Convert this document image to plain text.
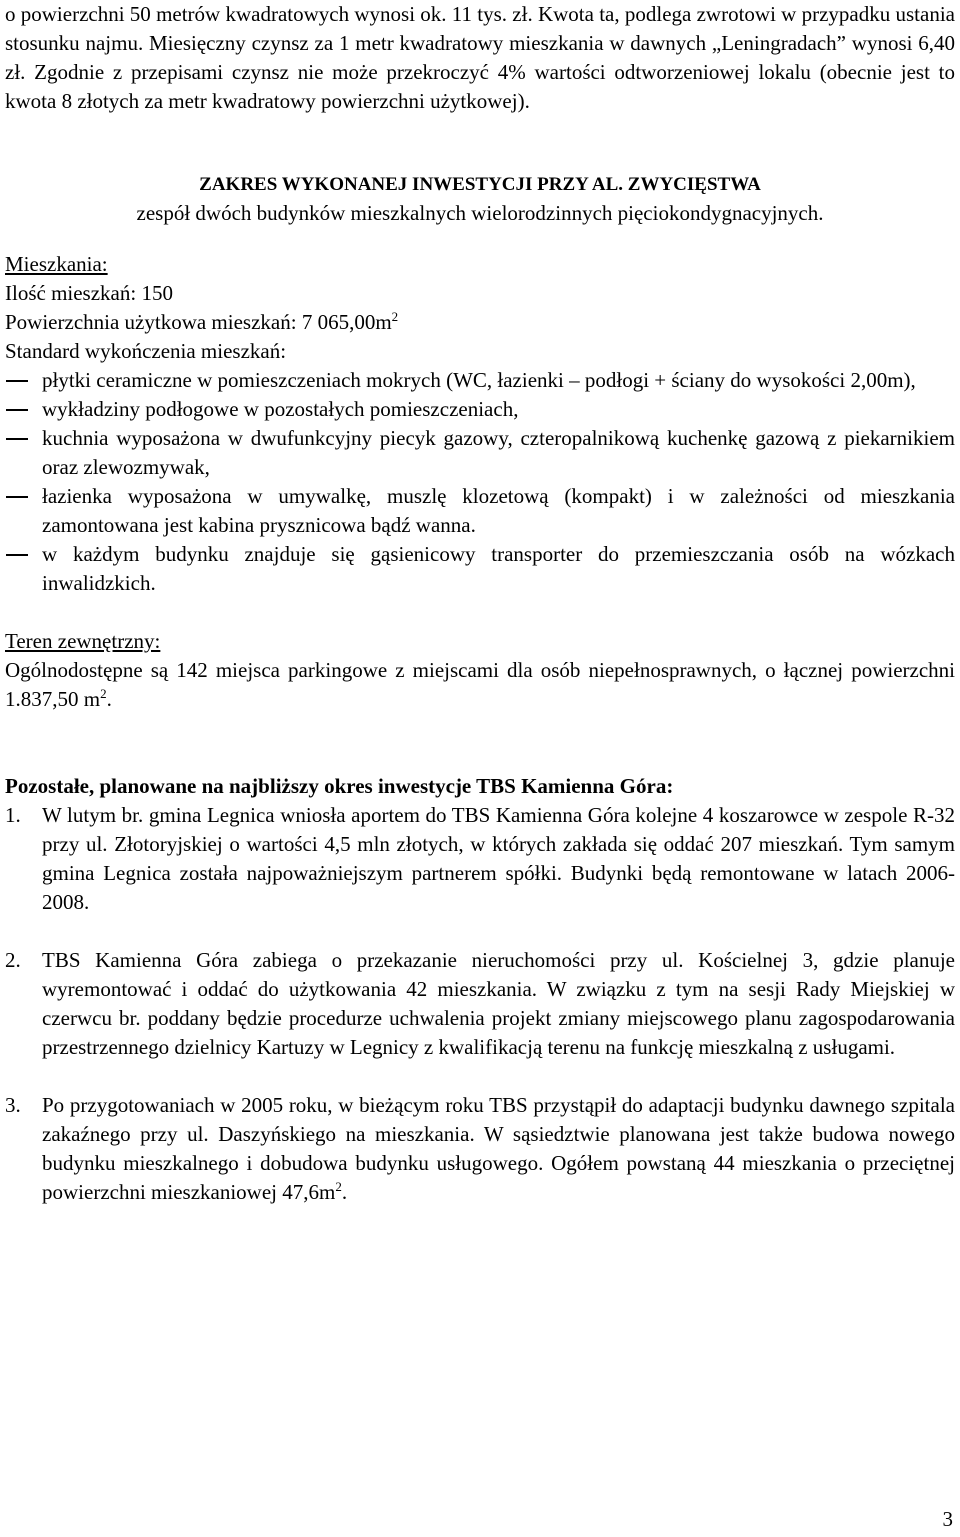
o powierzchni 50 metrów kwadratowych wynosi ok. 11 tys. zł. Kwota ta, podlega zwrotowi w przypadku ustania stosunku najmu. Miesięczny czynsz za 1 metr kwadratowy mieszkania w dawnych „Leningradach” wynosi 6,40 zł. Zgodnie z przepisami czynsz nie może przekroczyć 4% wartości odtworzeniowej lokalu (obecnie jest to kwota 8 złotych za metr kwadratowy powierzchni użytkowej).

ZAKRES WYKONANEJ INWESTYCJI PRZY AL. ZWYCIĘSTWA

zespół dwóch budynków mieszkalnych wielorodzinnych pięciokondygnacyjnych.

Mieszkania:

Ilość mieszkań: 150

Powierzchnia użytkowa mieszkań: 7 $065,00m^2$

Standard wykończenia mieszkań:

płytki ceramiczne w pomieszczeniach mokrych (WC, łazienki – podłogi + ściany do wysokości 2,00m),
wykładziny podłogowe w pozostałych pomieszczeniach,
kuchnia wyposażona w dwufunkcyjny piecyk gazowy, czteropalnikową kuchenkę gazową z piekarnikiem oraz zlewozmywak,
łazienka wyposażona w umywalkę, muszlę klozetową (kompakt) i w zależności od mieszkania zamontowana jest kabina prysznicowa bądź wanna.
w każdym budynku znajduje się gąsienicowy transporter do przemieszczania osób na wózkach inwalidzkich.

Teren zewnętrzny:

Ogólnodostępne są 142 miejsca parkingowe z miejscami dla osób niepełnosprawnych, o łącznej powierzchni 1.837,50 $m^2$.

Pozostałe, planowane na najbliższy okres inwestycje TBS Kamienna Góra:

1. W lutym br. gmina Legnica wniosła aportem do TBS Kamienna Góra kolejne 4 koszarowce w zespole R-32 przy ul. Złotoryjskiej o wartości 4,5 mln złotych, w których zakłada się oddać 207 mieszkań. Tym samym gmina Legnica została najpoważniejszym partnerem spółki. Budynki będą remontowane w latach 2006-2008.
2. TBS Kamienna Góra zabiega o przekazanie nieruchomości przy ul. Kościelnej 3, gdzie planuje wyremontować i oddać do użytkowania 42 mieszkania. W związku z tym na sesji Rady Miejskiej w czerwcu br. poddany będzie procedurze uchwalenia projekt zmiany miejscowego planu zagospodarowania przestrzennego dzielnicy Kartuzy w Legnicy z kwalifikacją terenu na funkcję mieszkalną z usługami.
3. Po przygotowaniach w 2005 roku, w bieżącym roku TBS przystąpił do adaptacji budynku dawnego szpitala zakaźnego przy ul. Daszyńskiego na mieszkania. W sąsiedztwie planowana jest także budowa nowego budynku mieszkalnego i dobudowa budynku usługowego. Ogółem powstaną 44 mieszkania o przeciętnej powierzchni mieszkaniowej $47,6m^2$.
3
